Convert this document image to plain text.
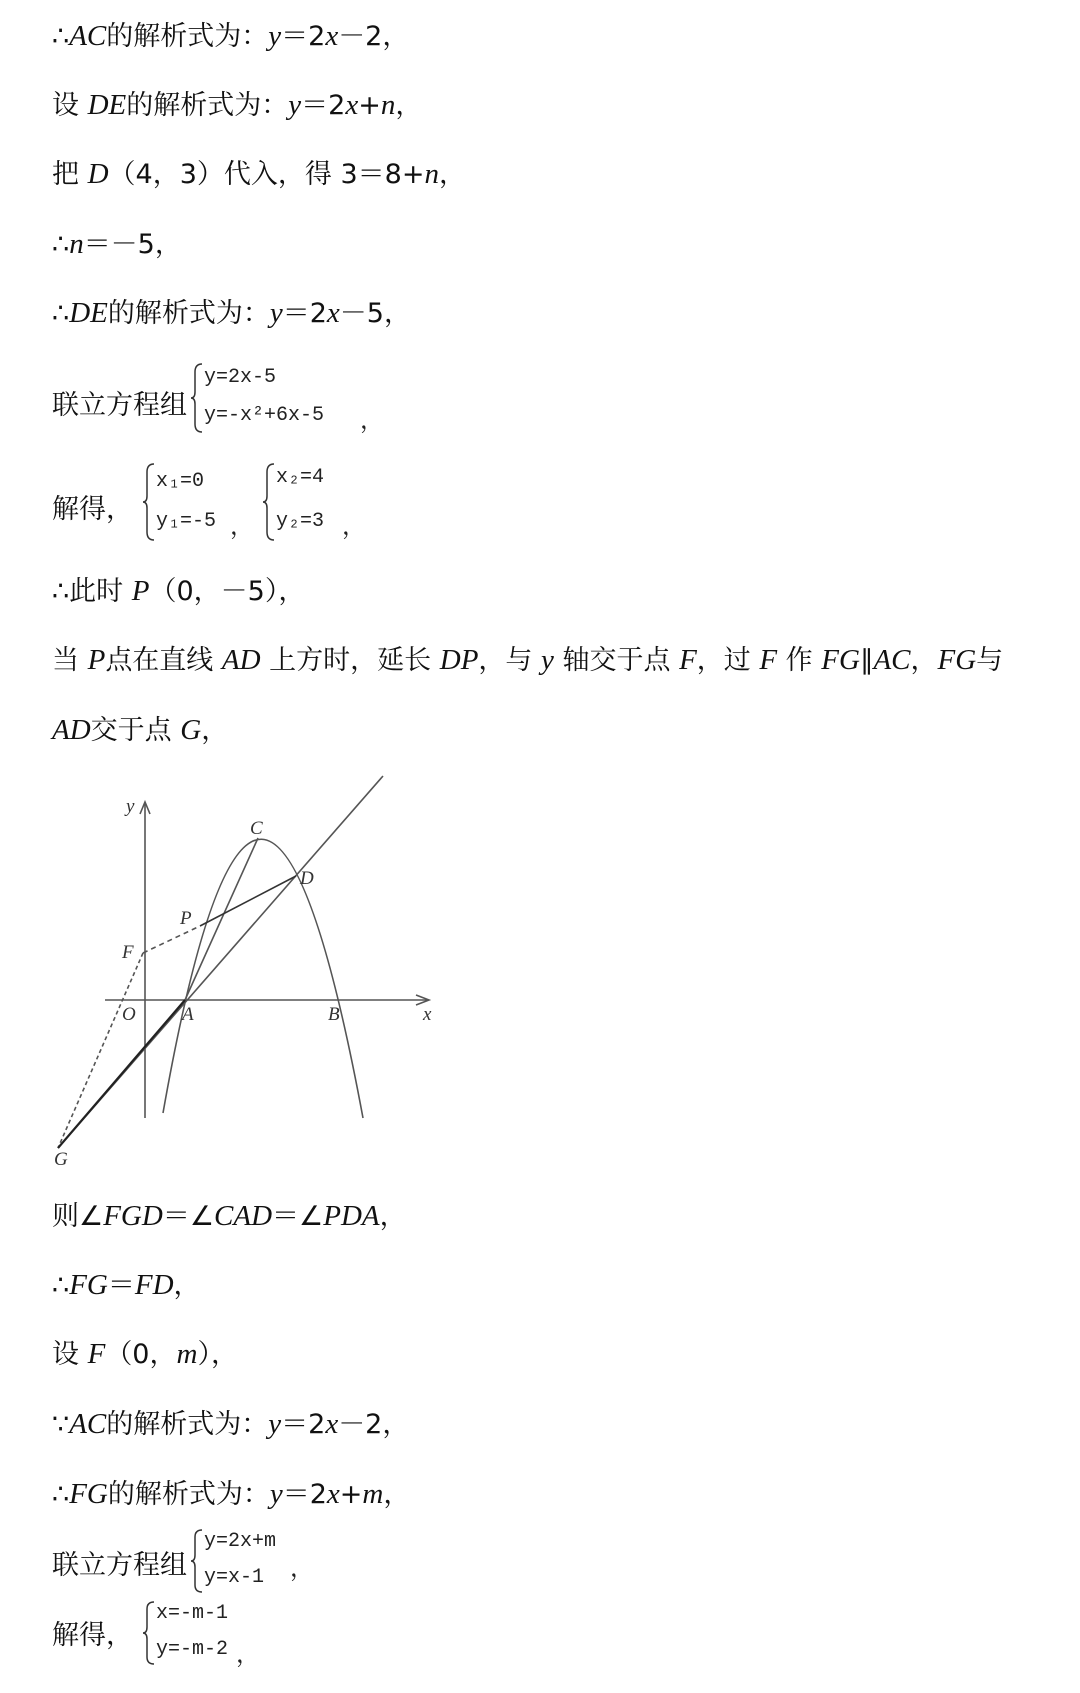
∴AC的解析式为：y＝2x－2，
设 DE的解析式为：y＝2x+n，
把 D（4，3）代入，得 3＝8+n，
∴n＝－5，
∴DE的解析式为：y＝2x－5，
∴此时 P（0，－5），
当 P点在直线 AD 上方时，延长 DP，与 y 轴交于点 F，过 F 作 FG∥AC，FG与
AD交于点 G，
则∠FGD＝∠CAD＝∠PDA，
∴FG＝FD，
设 F（0，m），
∵AC的解析式为：y＝2x－2，
∴FG的解析式为：y＝2x+m，
联立方程组
y=2x-5
y=-x²+6x-5 ，
解得，
x₁=0
y₁=-5 ，
x₂=4
y₂=3 ，
y
x
C
D
P
F
O A	B
G
联立方程组
y=2x+m
y=x-1 ，
解得，
x=-m-1
y=-m-2 ，
